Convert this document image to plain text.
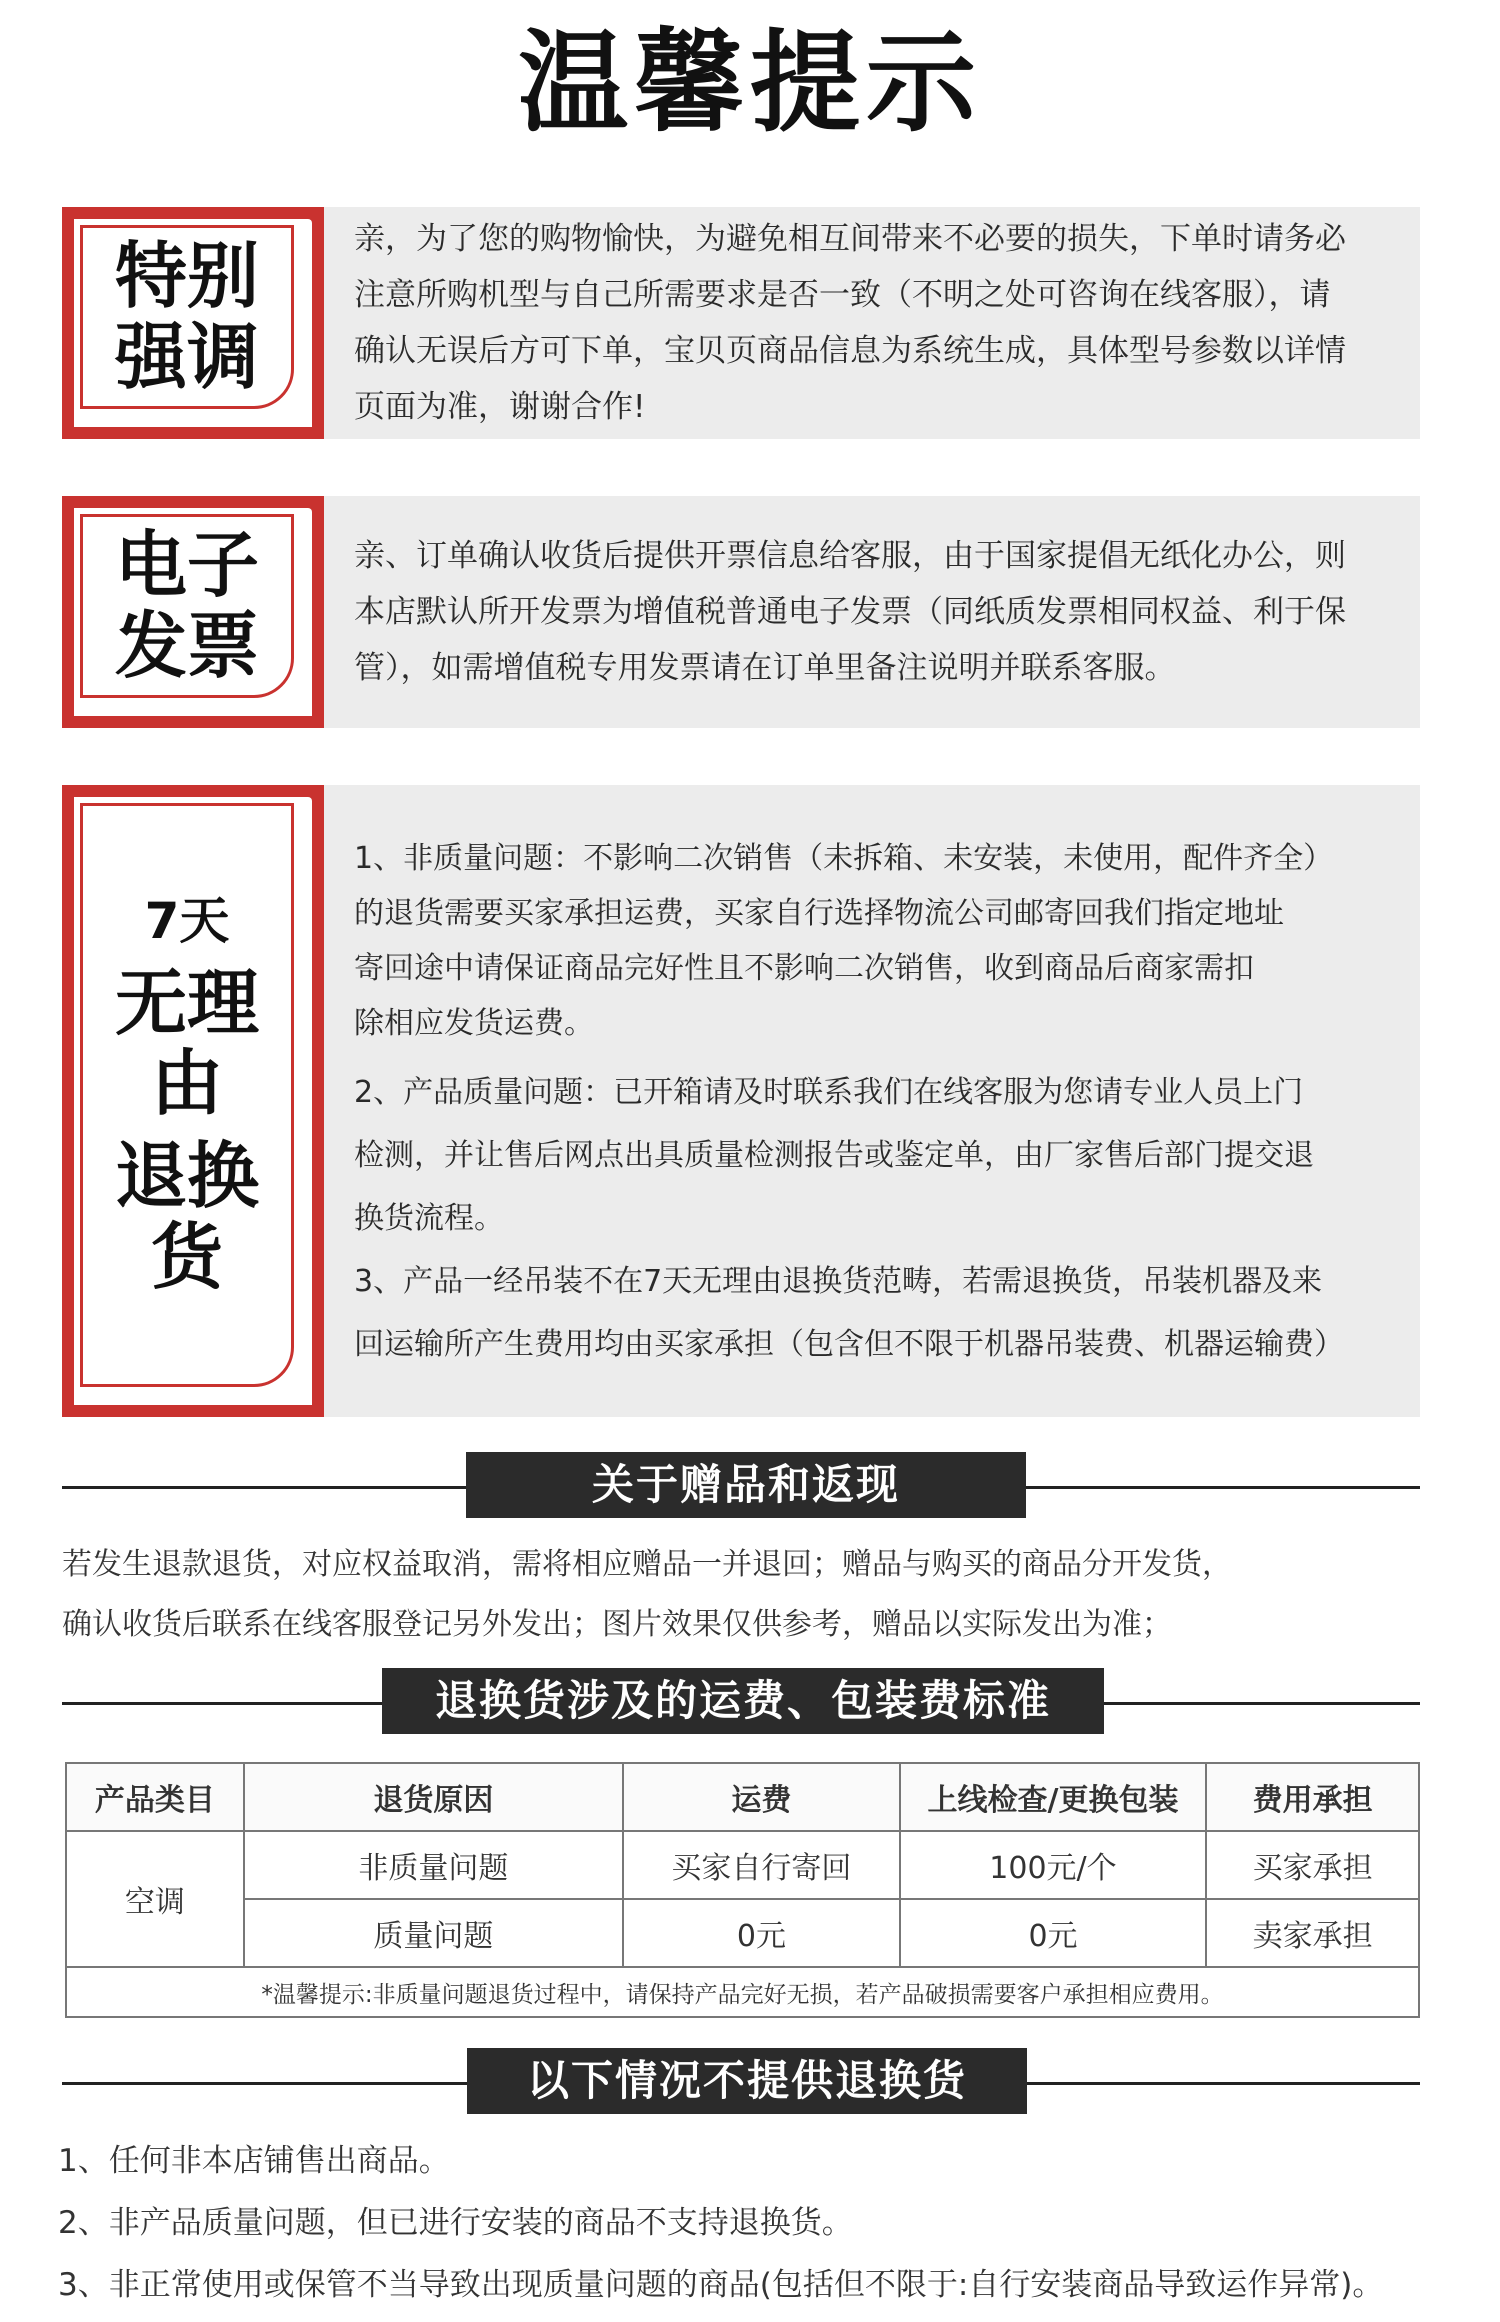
温馨提示
特别
强调

亲，为了您的购物愉快，为避免相互间带来不必要的损失，下单时请务必

注意所购机型与自己所需要求是否一致（不明之处可咨询在线客服），请

确认无误后方可下单，宝贝页商品信息为系统生成，具体型号参数以详情

页面为准，谢谢合作!

电子
发票

亲、订单确认收货后提供开票信息给客服，由于国家提倡无纸化办公，则

本店默认所开发票为增值税普通电子发票（同纸质发票相同权益、利于保

管），如需增值税专用发票请在订单里备注说明并联系客服。

7天
无理由
退换货

1、非质量问题：不影响二次销售（未拆箱、未安装，未使用，配件齐全）

的退货需要买家承担运费，买家自行选择物流公司邮寄回我们指定地址

寄回途中请保证商品完好性且不影响二次销售，收到商品后商家需扣

除相应发货运费。

2、产品质量问题：已开箱请及时联系我们在线客服为您请专业人员上门

检测，并让售后网点出具质量检测报告或鉴定单，由厂家售后部门提交退

换货流程。

3、产品一经吊装不在7天无理由退换货范畴，若需退换货，吊装机器及来

回运输所产生费用均由买家承担（包含但不限于机器吊装费、机器运输费）

关于赠品和返现

若发生退款退货，对应权益取消，需将相应赠品一并退回；赠品与购买的商品分开发货，

确认收货后联系在线客服登记另外发出；图片效果仅供参考，赠品以实际发出为准；

退换货涉及的运费、包装费标准
产品类目	退货原因	运费	上线检查/更换包装	费用承担
空调	非质量问题	买家自行寄回	100元/个	买家承担
	质量问题	0元	0元	卖家承担
*温馨提示:非质量问题退货过程中，请保持产品完好无损，若产品破损需要客户承担相应费用。				
以下情况不提供退换货

1、任何非本店铺售出商品。

2、非产品质量问题，但已进行安装的商品不支持退换货。

3、非正常使用或保管不当导致出现质量问题的商品(包括但不限于:自行安装商品导致运作异常)。
